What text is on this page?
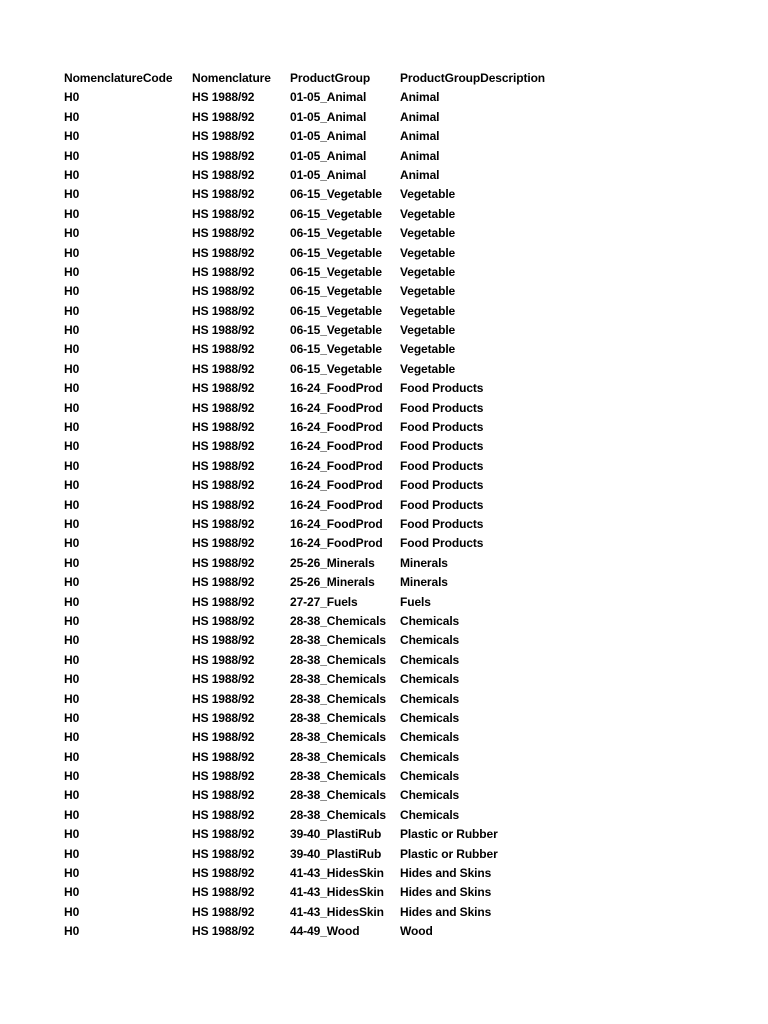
NomenclatureCode	Nomenclature	ProductGroup	ProductGroupDescription
H0	HS 1988/92	01-05_Animal	Animal
H0	HS 1988/92	01-05_Animal	Animal
H0	HS 1988/92	01-05_Animal	Animal
H0	HS 1988/92	01-05_Animal	Animal
H0	HS 1988/92	01-05_Animal	Animal
H0	HS 1988/92	06-15_Vegetable	Vegetable
H0	HS 1988/92	06-15_Vegetable	Vegetable
H0	HS 1988/92	06-15_Vegetable	Vegetable
H0	HS 1988/92	06-15_Vegetable	Vegetable
H0	HS 1988/92	06-15_Vegetable	Vegetable
H0	HS 1988/92	06-15_Vegetable	Vegetable
H0	HS 1988/92	06-15_Vegetable	Vegetable
H0	HS 1988/92	06-15_Vegetable	Vegetable
H0	HS 1988/92	06-15_Vegetable	Vegetable
H0	HS 1988/92	06-15_Vegetable	Vegetable
H0	HS 1988/92	16-24_FoodProd	Food Products
H0	HS 1988/92	16-24_FoodProd	Food Products
H0	HS 1988/92	16-24_FoodProd	Food Products
H0	HS 1988/92	16-24_FoodProd	Food Products
H0	HS 1988/92	16-24_FoodProd	Food Products
H0	HS 1988/92	16-24_FoodProd	Food Products
H0	HS 1988/92	16-24_FoodProd	Food Products
H0	HS 1988/92	16-24_FoodProd	Food Products
H0	HS 1988/92	16-24_FoodProd	Food Products
H0	HS 1988/92	25-26_Minerals	Minerals
H0	HS 1988/92	25-26_Minerals	Minerals
H0	HS 1988/92	27-27_Fuels	Fuels
H0	HS 1988/92	28-38_Chemicals	Chemicals
H0	HS 1988/92	28-38_Chemicals	Chemicals
H0	HS 1988/92	28-38_Chemicals	Chemicals
H0	HS 1988/92	28-38_Chemicals	Chemicals
H0	HS 1988/92	28-38_Chemicals	Chemicals
H0	HS 1988/92	28-38_Chemicals	Chemicals
H0	HS 1988/92	28-38_Chemicals	Chemicals
H0	HS 1988/92	28-38_Chemicals	Chemicals
H0	HS 1988/92	28-38_Chemicals	Chemicals
H0	HS 1988/92	28-38_Chemicals	Chemicals
H0	HS 1988/92	28-38_Chemicals	Chemicals
H0	HS 1988/92	39-40_PlastiRub	Plastic or Rubber
H0	HS 1988/92	39-40_PlastiRub	Plastic or Rubber
H0	HS 1988/92	41-43_HidesSkin	Hides and Skins
H0	HS 1988/92	41-43_HidesSkin	Hides and Skins
H0	HS 1988/92	41-43_HidesSkin	Hides and Skins
H0	HS 1988/92	44-49_Wood	Wood
